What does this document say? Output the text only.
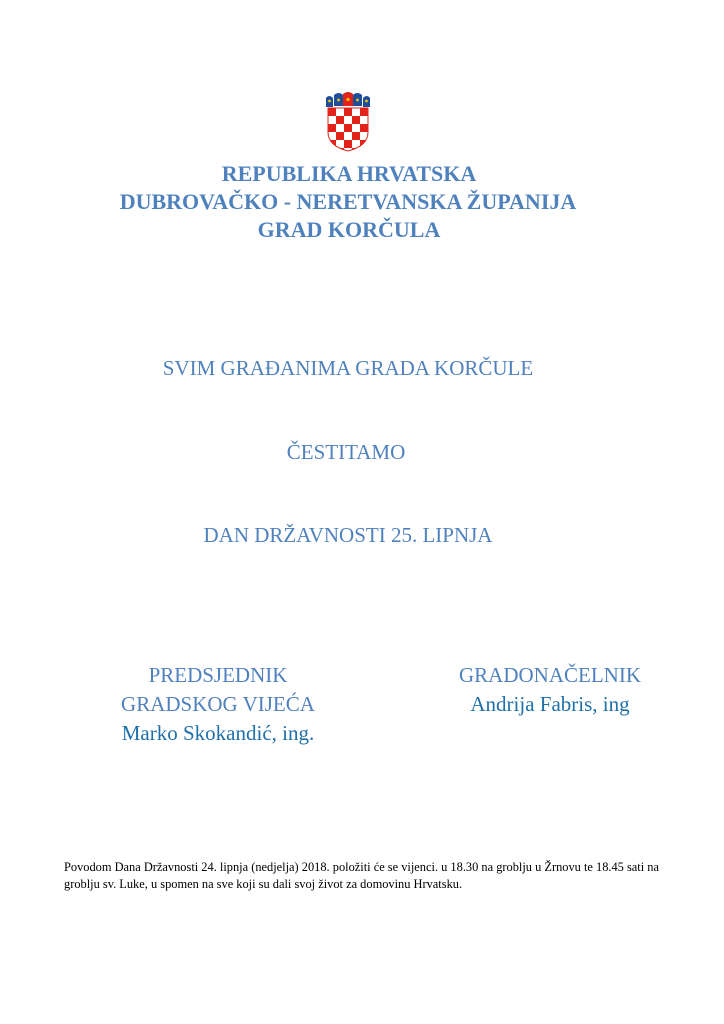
REPUBLIKA HRVATSKA
DUBROVAČKO - NERETVANSKA ŽUPANIJA
GRAD KORČULA
SVIM GRAĐANIMA GRADA KORČULE
ČESTITAMO
DAN DRŽAVNOSTI 25. LIPNJA
PREDSJEDNIK
GRADSKOG VIJEĆA
Marko Skokandić, ing.
GRADONAČELNIK
Andrija Fabris, ing
Povodom Dana Državnosti 24. lipnja (nedjelja) 2018. položiti će se vijenci. u 18.30 na groblju u Žrnovu te 18.45 sati na groblju sv. Luke, u spomen na sve koji su dali svoj život za domovinu Hrvatsku.
